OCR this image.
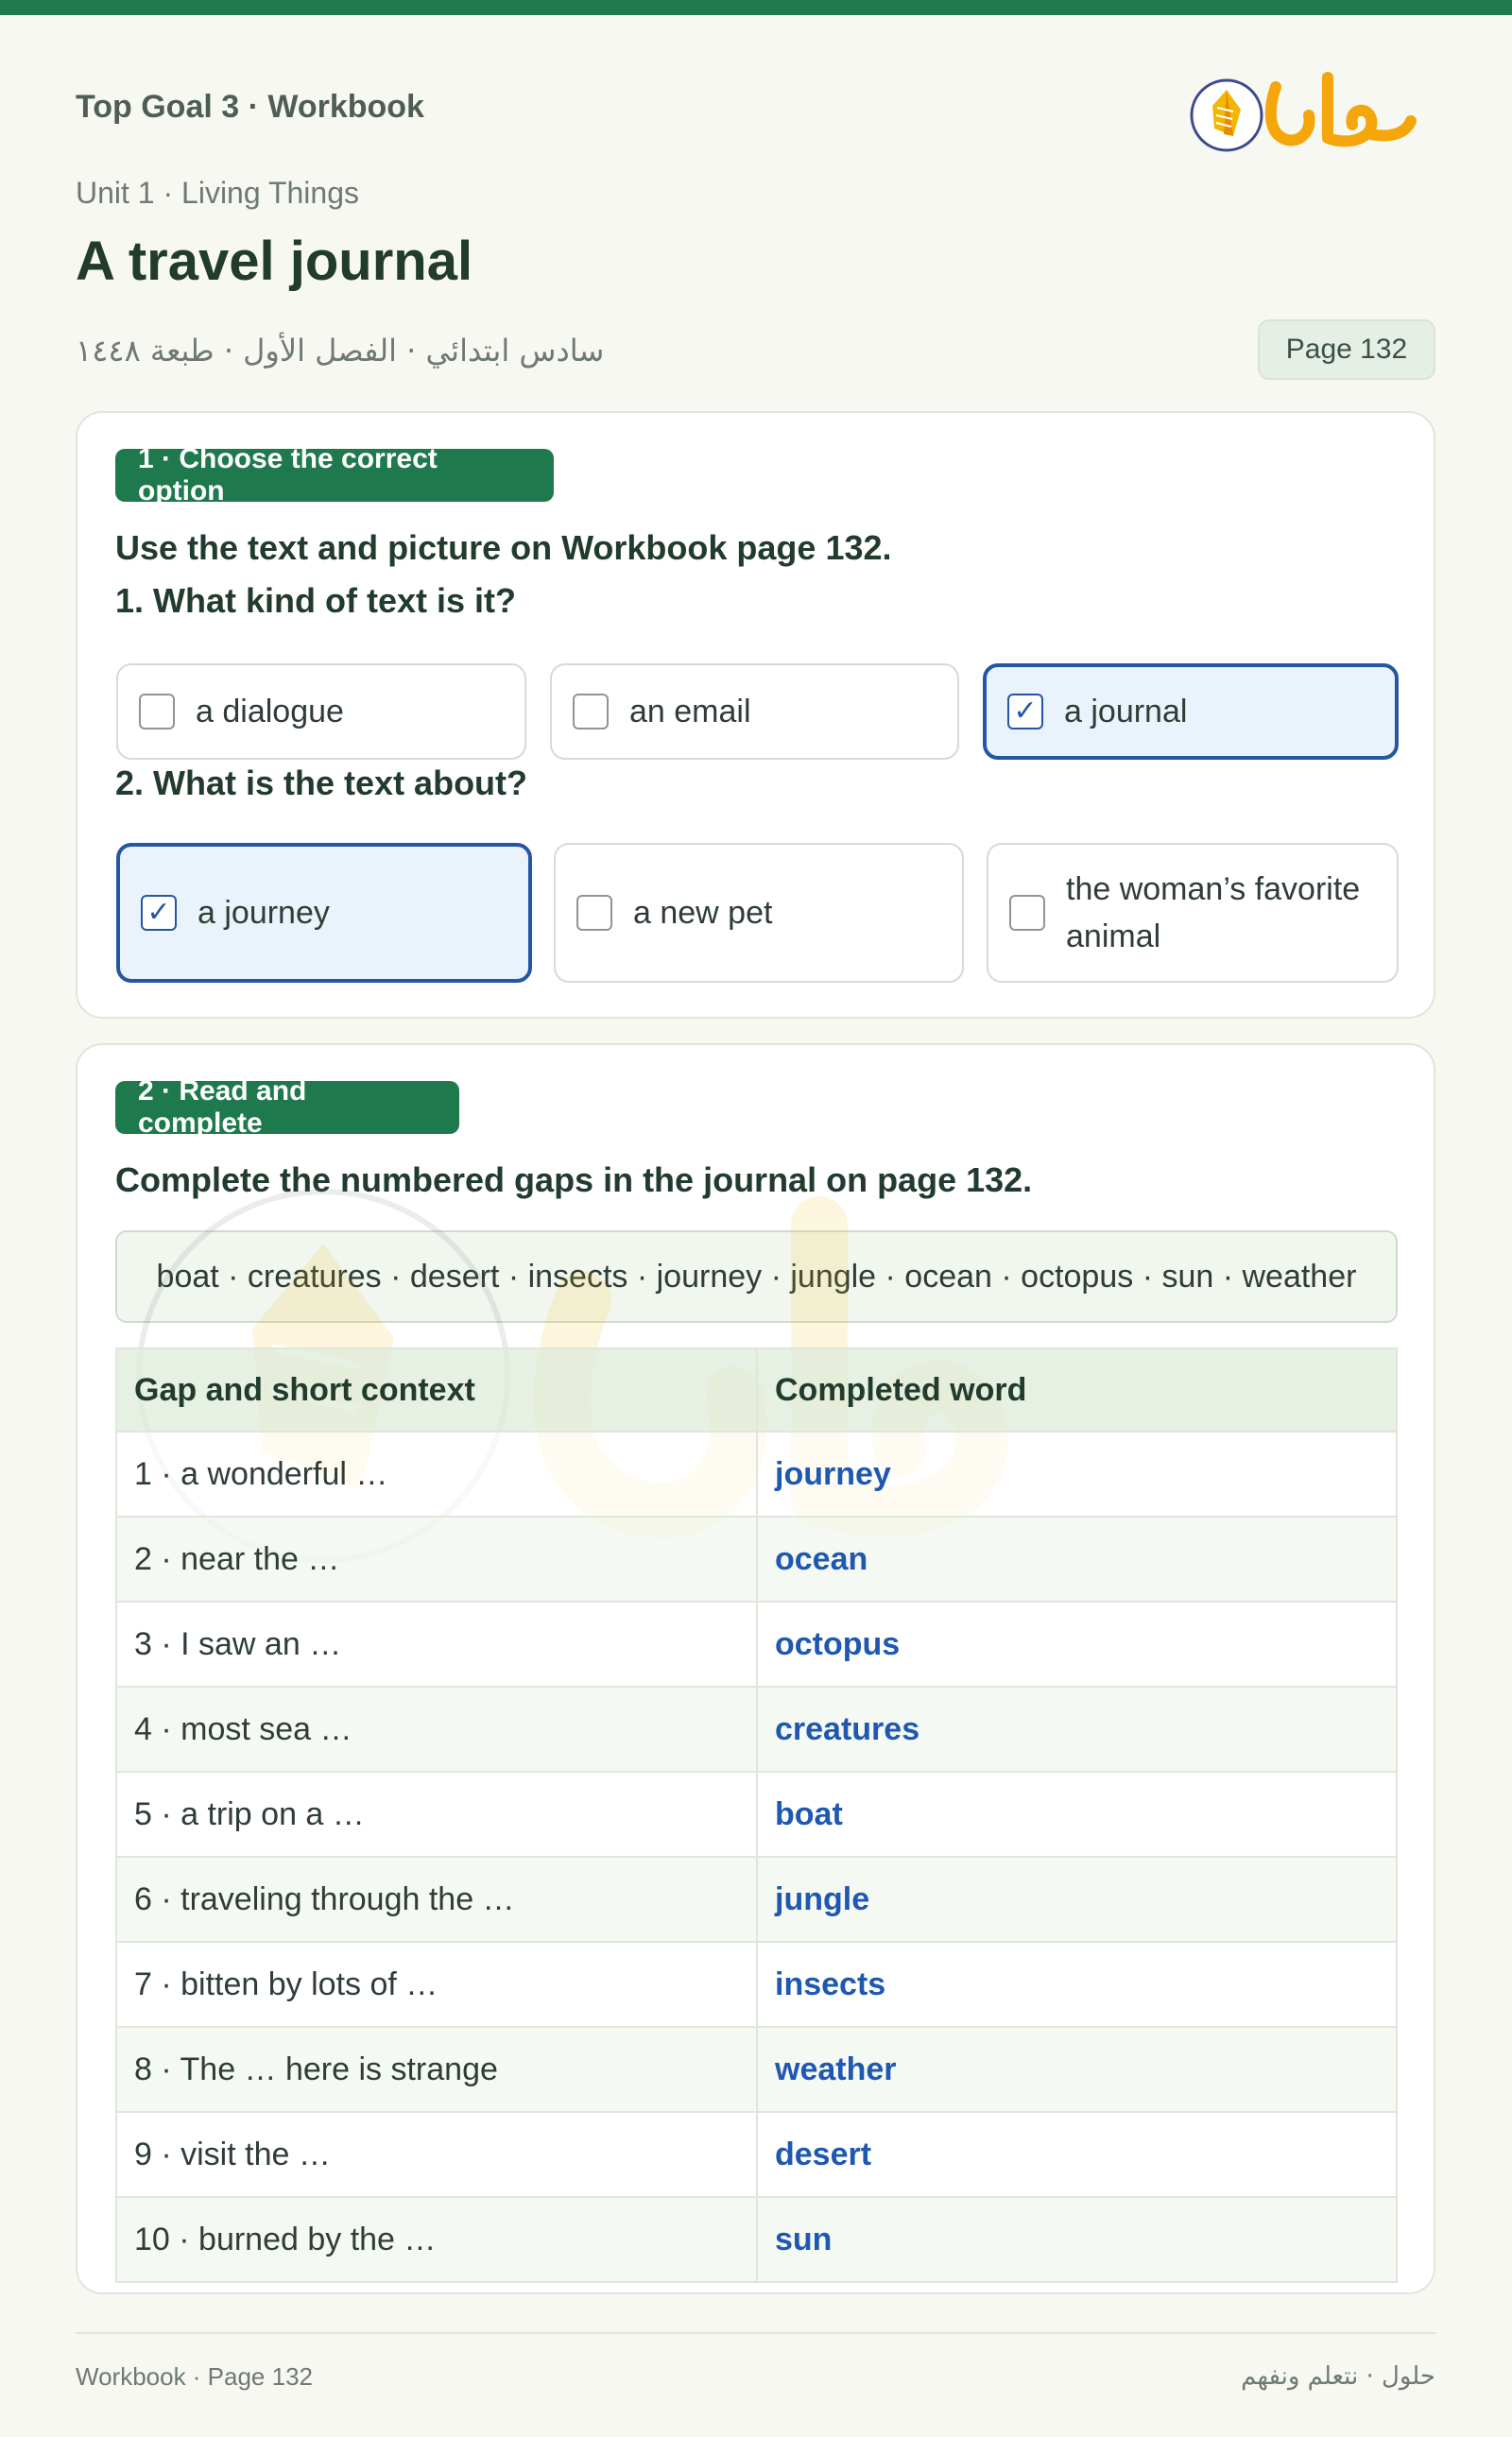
Top Goal 3 · Workbook
Unit 1 · Living Things
A travel journal
سادس ابتدائي · الفصل الأول · طبعة ١٤٤٨	Page 132
1 · Choose the correct option
Use the text and picture on Workbook page 132.
1. What kind of text is it?
a dialogue	an email	✓ a journal
2. What is the text about?
✓ a journey	a new pet
the woman’s favorite animal
2 · Read and complete
Complete the numbered gaps in the journal on page 132.
boat · creatures · desert · insects · journey · jungle · ocean · octopus · sun · weather
Gap and short context	Completed word
1 · a wonderful …	journey
2 · near the …	ocean
3 · I saw an …	octopus
4 · most sea …	creatures
5 · a trip on a …	boat
6 · traveling through the …	jungle
7 · bitten by lots of …	insects
8 · The … here is strange	weather
9 · visit the …	desert
10 · burned by the …	sun
Workbook · Page 132	حلول · نتعلم ونفهم
